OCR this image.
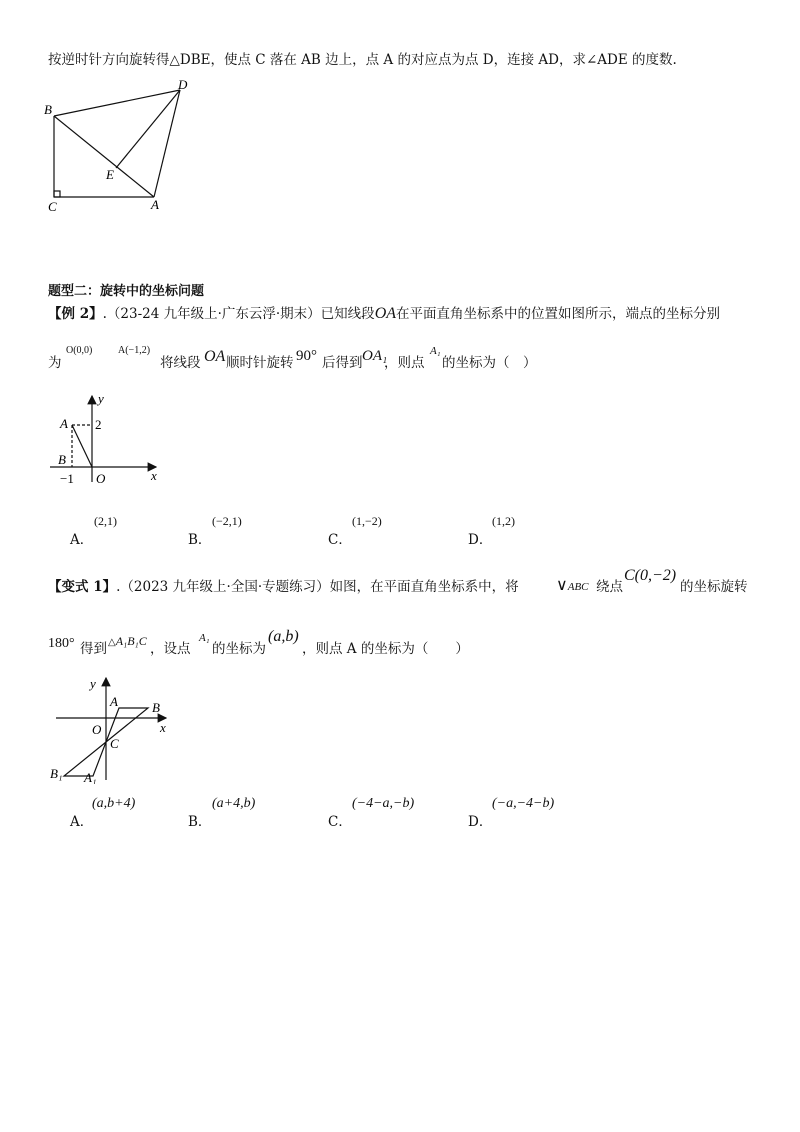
按逆时针方向旋转得△DBE，使点 C 落在 AB 边上，点 A 的对应点为点 D，连接 AD，求∠ADE 的度数.
B
D
E
C	A
题型二：旋转中的坐标问题
【例 2】.（23-24 九年级上·广东云浮·期末）已知线段OA在平面直角坐标系中的位置如图所示，端点的坐标分别
为
O(0,0)	A(−1,2)
将线段 OA 顺时针旋转 90° 后得到 OA₁
，则点
A₁
的坐标为（　）
y
A 2
B
−1 O	x
A．
(2,1)
B．
(−2,1)
C．
(1,−2)
D．
(1,2)
【变式 1】.（2023 九年级上·全国·专题练习）如图，在平面直角坐标系中，将 ∨ABC 绕点
C(0,−2)
的坐标旋转
180° 得到 △A₁B₁C ，设点
A₁
的坐标为
(a,b)
，则点 A 的坐标为（　　）
y
A	B
O
C
x
B₁ A₁
A．
(a,b+4)
B．
(a+4,b)
C．
(−4−a,−b)
D．
(−a,−4−b)
